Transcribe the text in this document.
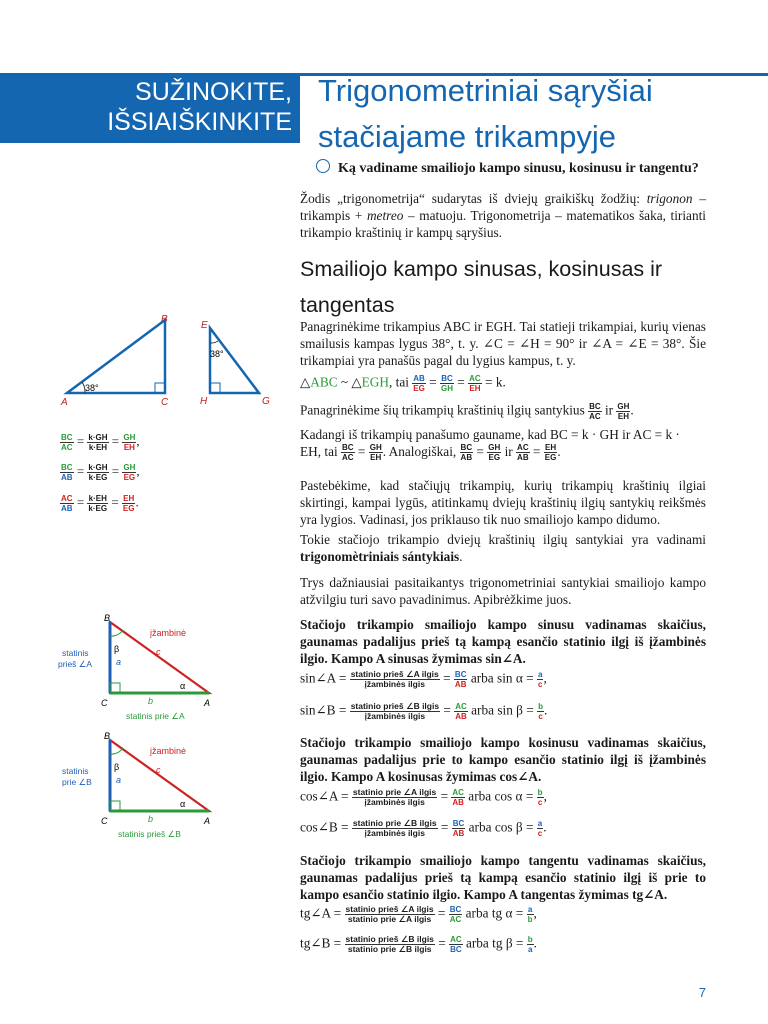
SUŽINOKITE,
IŠSIAIŠKINKITE
Trigonometriniai sąryšiai
stačiajame trikampyje
Ką vadiname smailiojo kampo sinusu, kosinusu ir tangentu?
Žodis „trigonometrija“ sudarytas iš dviejų graikiškų žodžių: trigonon – trikampis + metreo – matuoju. Trigonometrija – matematikos šaka, tirianti trikampio kraštinių ir kampų sąryšius.
Smailiojo kampo sinusas, kosinusas ir tangentas
Panagrinėkime trikampius ABC ir EGH. Tai statieji trikampiai, kurių vienas smailusis kampas lygus 38°, t. y. ∠C = ∠H = 90° ir ∠A = ∠E = 38°. Šie trikampiai yra panašūs pagal du lygius kampus, t. y.
△ABC ~ △EGH, tai $\frac{AB}{EG} = \frac{BC}{GH} = \frac{AC}{EH} = k$.
Panagrinėkime šių trikampių kraštinių ilgių santykius $\frac{BC}{AC}$ ir $\frac{GH}{EH}$ .
Kadangi iš trikampių panašumo gauname, kad BC = k · GH ir AC = k ·
EH, tai $\frac{BC}{AC} = \frac{GH}{EH}$ . Analogiškai, $\frac{BC}{AB} = \frac{GH}{EG}$ ir $\frac{AC}{AB} = \frac{EH}{EG}$ .
Pastebėkime, kad stačiųjų trikampių, kurių trikampių kraštinių ilgiai skirtingi, kampai lygūs, atitinkamų dviejų kraštinių ilgių santykių reikšmės yra lygios. Vadinasi, jos priklauso tik nuo smailiojo kampo didumo.
Tokie stačiojo trikampio dviejų kraštinių ilgių santykiai yra vadinami trigonomètriniais sántykiais.
Trys dažniausiai pasitaikantys trigonometriniai santykiai smailiojo kampo atžvilgiu turi savo pavadinimus. Apibrėžkime juos.
Stačiojo trikampio smailiojo kampo sinusu vadinamas skaičius, gaunamas padalijus prieš tą kampą esančio statinio ilgį iš įžambinės ilgio. Kampo A sinusas žymimas sin∠A.
sin∠A = $\frac{\text{statinio prieš ∠A ilgis}}{\text{įžambinės ilgis}} = \frac{BC}{AB}$ arba $\sin \alpha = \frac{a}{c}$ ,
sin∠B = $\frac{\text{statinio prieš ∠B ilgis}}{\text{įžambinės ilgis}} = \frac{AC}{AB}$ arba $\sin \beta = \frac{b}{c}$ .
Stačiojo trikampio smailiojo kampo kosinusu vadinamas skaičius, gaunamas padalijus prie to kampo esančio statinio ilgį iš įžambinės ilgio. Kampo A kosinusas žymimas cos∠A.
cos∠A = $\frac{\text{statinio prie ∠A ilgis}}{\text{įžambinės ilgis}} = \frac{AC}{AB}$ arba $\cos \alpha = \frac{b}{c}$ ,
cos∠B = $\frac{\text{statinio prie ∠B ilgis}}{\text{įžambinės ilgis}} = \frac{BC}{AB}$ arba $\cos \beta = \frac{a}{c}$ .
Stačiojo trikampio smailiojo kampo tangentu vadinamas skaičius, gaunamas padalijus prieš tą kampą esančio statinio ilgį iš prie to kampo esančio statinio ilgio. Kampo A tangentas žymimas tg∠A.
tg∠A = $\frac{\text{statinio prieš ∠A ilgis}}{\text{statinio prie ∠A ilgis}} = \frac{BC}{AC}$ arba tg $\alpha = \frac{a}{b}$ ,
tg∠B = $\frac{\text{statinio prieš ∠B ilgis}}{\text{statinio prie ∠B ilgis}} = \frac{AC}{BC}$ arba tg $\beta = \frac{b}{a}$ .
$\frac{BC}{AC} = \frac{k\cdot GH}{k\cdot EH} = \frac{GH}{EH}$ ,
$\frac{BC}{AB} = \frac{k\cdot GH}{k\cdot EG} = \frac{GH}{EG}$ ,
$\frac{AC}{AB} = \frac{k\cdot EH}{k\cdot EG} = \frac{EH}{EG}$ .
38°
A
B
C
38°
E
H	G
B
C	A
β
α
a
c
b
įžambinė
statinis
prieš ∠A
statinis prie ∠A
B
C	A
β
α
a
c
b
įžambinė
statinis
prie ∠B
statinis prieš ∠B
7
